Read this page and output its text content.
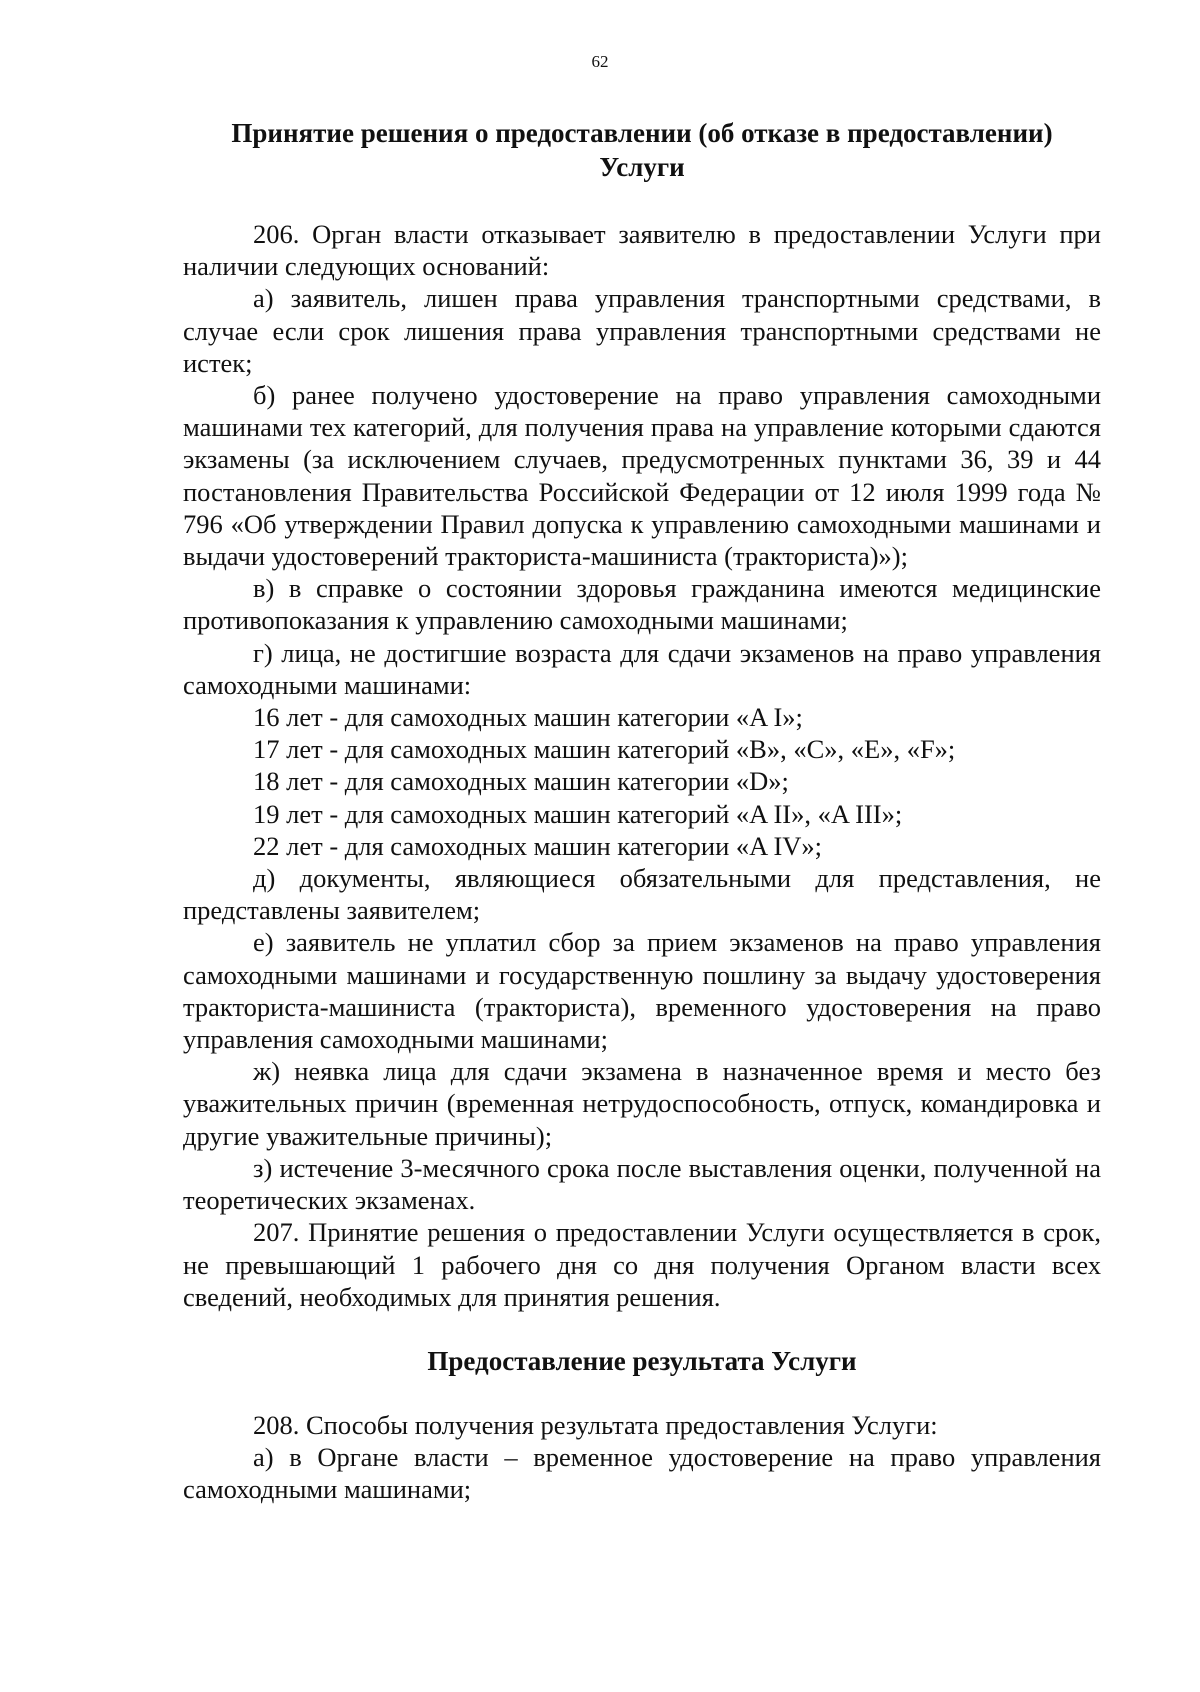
62
Принятие решения о предоставлении (об отказе в предоставлении)
Услуги

206. Орган власти отказывает заявителю в предоставлении Услуги при наличии следующих оснований:

а) заявитель, лишен права управления транспортными средствами, в случае если срок лишения права управления транспортными средствами не истек;

б) ранее получено удостоверение на право управления самоходными машинами тех категорий, для получения права на управление которыми сдаются экзамены (за исключением случаев, предусмотренных пунктами 36, 39 и 44 постановления Правительства Российской Федерации от 12 июля 1999 года № 796 «Об утверждении Правил допуска к управлению самоходными машинами и выдачи удостоверений тракториста-машиниста (тракториста)»);

в) в справке о состоянии здоровья гражданина имеются медицинские противопоказания к управлению самоходными машинами;

г) лица, не достигшие возраста для сдачи экзаменов на право управления самоходными машинами:

16 лет - для самоходных машин категории «A I»;

17 лет - для самоходных машин категорий «B», «C», «E», «F»;

18 лет - для самоходных машин категории «D»;

19 лет - для самоходных машин категорий «A II», «A III»;

22 лет - для самоходных машин категории «A IV»;

д) документы, являющиеся обязательными для представления, не представлены заявителем;

е) заявитель не уплатил сбор за прием экзаменов на право управления самоходными машинами и государственную пошлину за выдачу удостоверения тракториста-машиниста (тракториста), временного удостоверения на право управления самоходными машинами;

ж) неявка лица для сдачи экзамена в назначенное время и место без уважительных причин (временная нетрудоспособность, отпуск, командировка и другие уважительные причины);

з) истечение 3-месячного срока после выставления оценки, полученной на теоретических экзаменах.

207. Принятие решения о предоставлении Услуги осуществляется в срок, не превышающий 1 рабочего дня со дня получения Органом власти всех сведений, необходимых для принятия решения.

Предоставление результата Услуги

208. Способы получения результата предоставления Услуги:

а) в Органе власти – временное удостоверение на право управления самоходными машинами;
